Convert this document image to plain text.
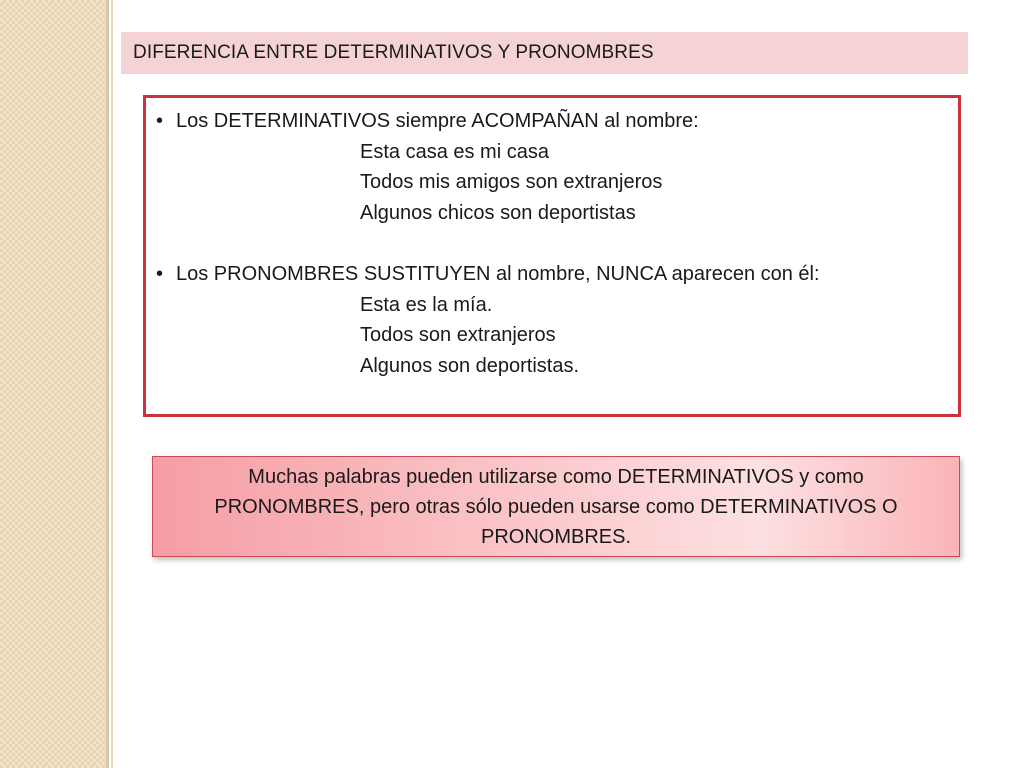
DIFERENCIA ENTRE DETERMINATIVOS Y PRONOMBRES
• Los DETERMINATIVOS siempre ACOMPAÑAN al nombre:
Esta casa es mi casa
Todos mis amigos son extranjeros
Algunos chicos son deportistas
• Los PRONOMBRES SUSTITUYEN al nombre, NUNCA aparecen con él:
Esta es la mía.
Todos son extranjeros
Algunos son deportistas.
Muchas palabras pueden utilizarse como DETERMINATIVOS y como PRONOMBRES, pero otras sólo pueden usarse como DETERMINATIVOS O PRONOMBRES.
